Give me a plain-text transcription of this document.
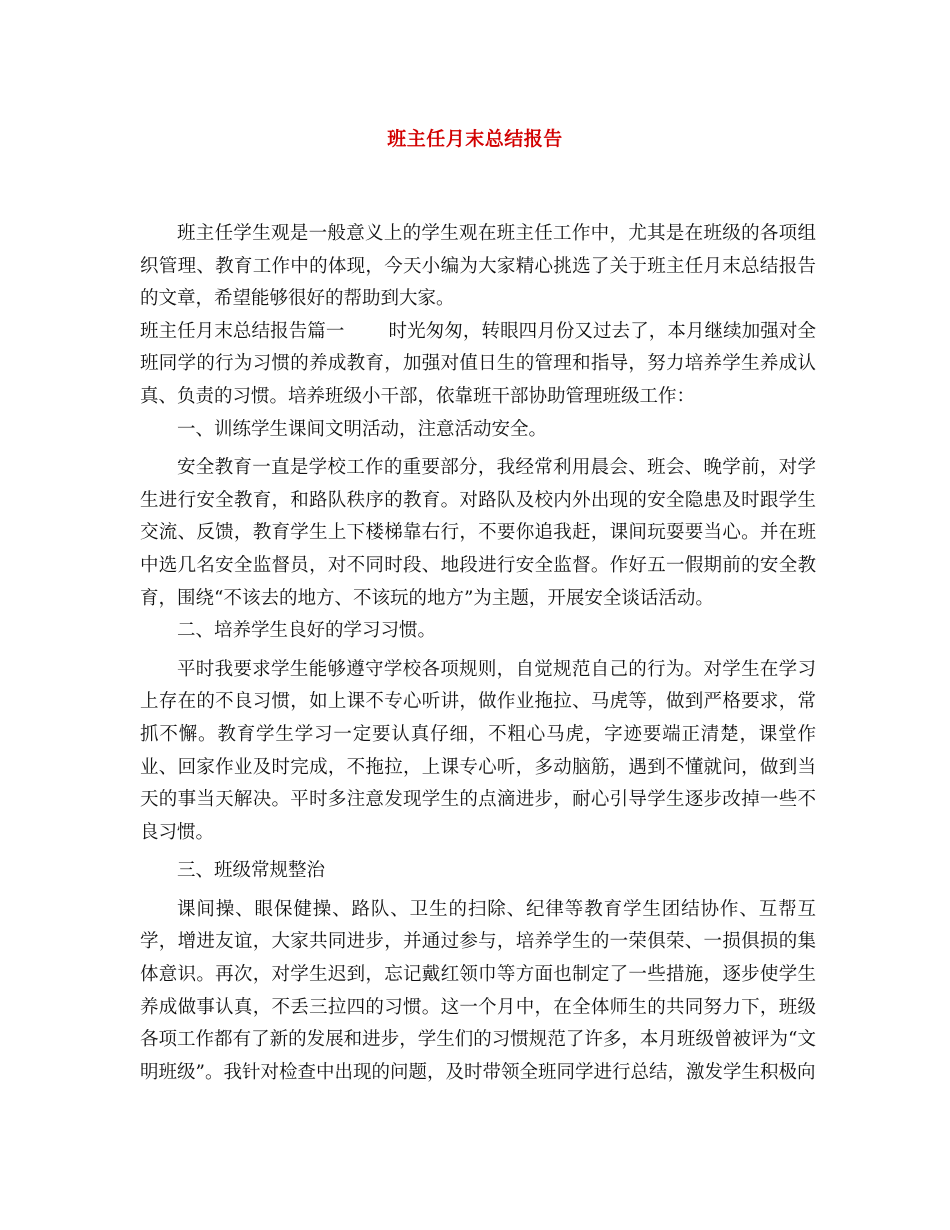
班主任月末总结报告

班主任学生观是一般意义上的学生观在班主任工作中，尤其是在班级的各项组织管理、教育工作中的体现，今天小编为大家精心挑选了关于班主任月末总结报告的文章，希望能够很好的帮助到大家。

班主任月末总结报告篇一 时光匆匆，转眼四月份又过去了，本月继续加强对全班同学的行为习惯的养成教育，加强对值日生的管理和指导，努力培养学生养成认真、负责的习惯。培养班级小干部，依靠班干部协助管理班级工作：

一、训练学生课间文明活动，注意活动安全。

安全教育一直是学校工作的重要部分，我经常利用晨会、班会、晚学前，对学生进行安全教育，和路队秩序的教育。对路队及校内外出现的安全隐患及时跟学生交流、反馈，教育学生上下楼梯靠右行，不要你追我赶，课间玩耍要当心。并在班中选几名安全监督员，对不同时段、地段进行安全监督。作好五一假期前的安全教育，围绕“不该去的地方、不该玩的地方”为主题，开展安全谈话活动。

二、培养学生良好的学习习惯。

平时我要求学生能够遵守学校各项规则，自觉规范自己的行为。对学生在学习上存在的不良习惯，如上课不专心听讲，做作业拖拉、马虎等，做到严格要求，常抓不懈。教育学生学习一定要认真仔细，不粗心马虎，字迹要端正清楚，课堂作业、回家作业及时完成，不拖拉，上课专心听，多动脑筋，遇到不懂就问，做到当天的事当天解决。平时多注意发现学生的点滴进步，耐心引导学生逐步改掉一些不良习惯。

三、班级常规整治

课间操、眼保健操、路队、卫生的扫除、纪律等教育学生团结协作、互帮互学，增进友谊，大家共同进步，并通过参与，培养学生的一荣俱荣、一损俱损的集体意识。再次，对学生迟到，忘记戴红领巾等方面也制定了一些措施，逐步使学生养成做事认真，不丢三拉四的习惯。这一个月中，在全体师生的共同努力下，班级各项工作都有了新的发展和进步，学生们的习惯规范了许多，本月班级曾被评为“文明班级”。我针对检查中出现的问题，及时带领全班同学进行总结，激发学生积极向
